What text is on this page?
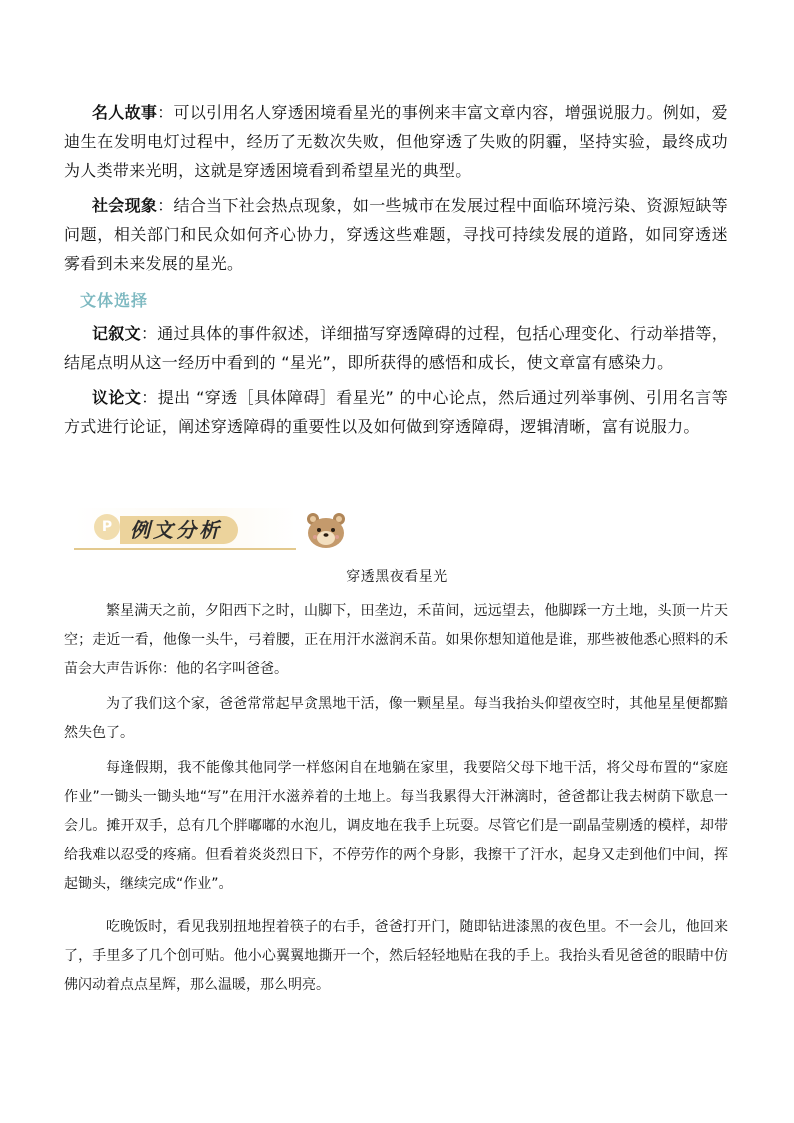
名人故事：可以引用名人穿透困境看星光的事例来丰富文章内容，增强说服力。例如，爱迪生在发明电灯过程中，经历了无数次失败，但他穿透了失败的阴霾，坚持实验，最终成功为人类带来光明，这就是穿透困境看到希望星光的典型。

社会现象：结合当下社会热点现象，如一些城市在发展过程中面临环境污染、资源短缺等问题，相关部门和民众如何齐心协力，穿透这些难题，寻找可持续发展的道路，如同穿透迷雾看到未来发展的星光。

文体选择

记叙文：通过具体的事件叙述，详细描写穿透障碍的过程，包括心理变化、行动举措等，结尾点明从这一经历中看到的 “星光”，即所获得的感悟和成长，使文章富有感染力。

议论文：提出 “穿透［具体障碍］看星光” 的中心论点，然后通过列举事例、引用名言等方式进行论证，阐述穿透障碍的重要性以及如何做到穿透障碍，逻辑清晰，富有说服力。

P 例文分析

穿透黑夜看星光

繁星满天之前，夕阳西下之时，山脚下，田垄边，禾苗间，远远望去，他脚踩一方土地，头顶一片天空；走近一看，他像一头牛，弓着腰，正在用汗水滋润禾苗。如果你想知道他是谁，那些被他悉心照料的禾苗会大声告诉你：他的名字叫爸爸。

为了我们这个家，爸爸常常起早贪黑地干活，像一颗星星。每当我抬头仰望夜空时，其他星星便都黯然失色了。

每逢假期，我不能像其他同学一样悠闲自在地躺在家里，我要陪父母下地干活，将父母布置的“家庭作业”一锄头一锄头地“写”在用汗水滋养着的土地上。每当我累得大汗淋漓时，爸爸都让我去树荫下歇息一会儿。摊开双手，总有几个胖嘟嘟的水泡儿，调皮地在我手上玩耍。尽管它们是一副晶莹剔透的模样，却带给我难以忍受的疼痛。但看着炎炎烈日下，不停劳作的两个身影，我擦干了汗水，起身又走到他们中间，挥起锄头，继续完成“作业”。

吃晚饭时，看见我别扭地捏着筷子的右手，爸爸打开门，随即钻进漆黑的夜色里。不一会儿，他回来了，手里多了几个创可贴。他小心翼翼地撕开一个，然后轻轻地贴在我的手上。我抬头看见爸爸的眼睛中仿佛闪动着点点星辉，那么温暖，那么明亮。
